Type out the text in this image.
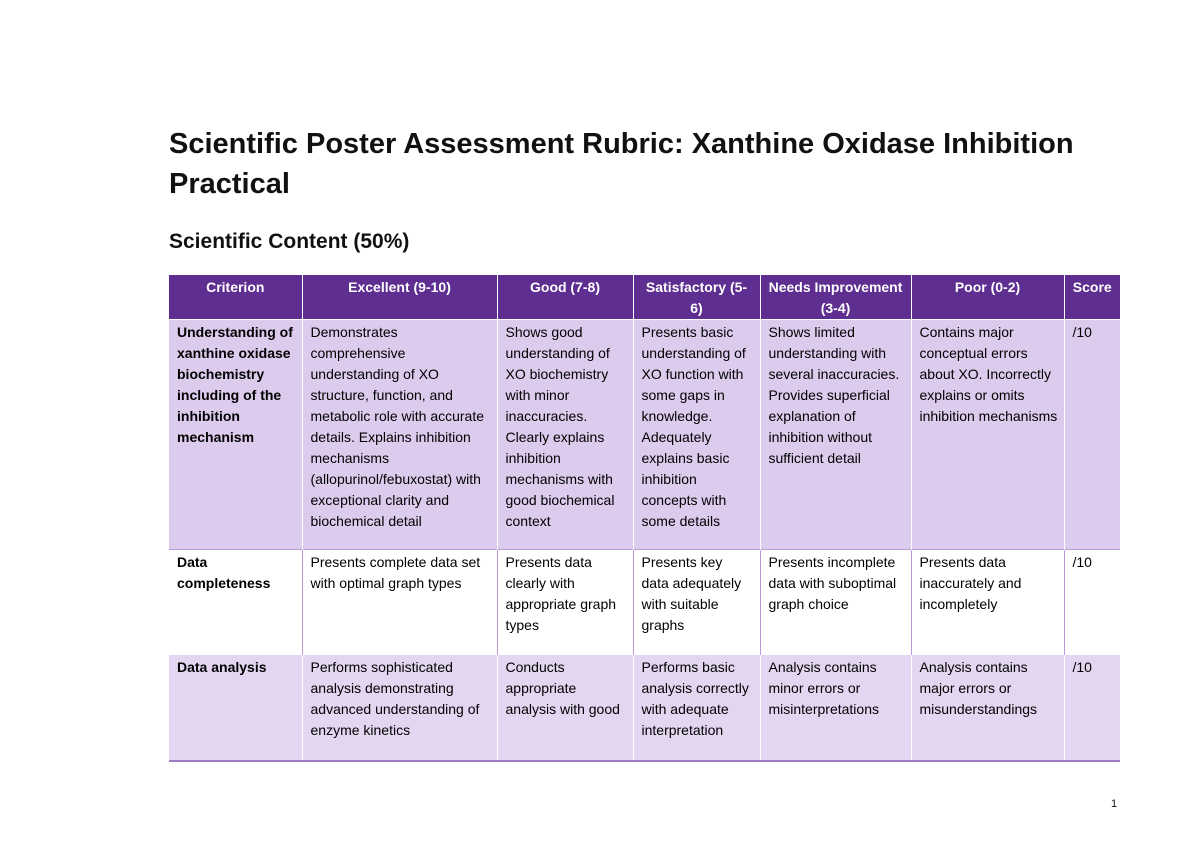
Scientific Poster Assessment Rubric: Xanthine Oxidase Inhibition Practical
Scientific Content (50%)
Criterion	Excellent (9-10)	Good (7-8)	Satisfactory (5-6)	Needs Improvement (3-4)	Poor (0-2)	Score
Understanding of xanthine oxidase biochemistry including of the inhibition mechanism	Demonstrates comprehensive understanding of XO structure, function, and metabolic role with accurate details. Explains inhibition mechanisms (allopurinol/febuxostat) with exceptional clarity and biochemical detail	Shows good understanding of XO biochemistry with minor inaccuracies. Clearly explains inhibition mechanisms with good biochemical context	Presents basic understanding of XO function with some gaps in knowledge. Adequately explains basic inhibition concepts with some details	Shows limited understanding with several inaccuracies. Provides superficial explanation of inhibition without sufficient detail	Contains major conceptual errors about XO. Incorrectly explains or omits inhibition mechanisms	/10
Data completeness	Presents complete data set with optimal graph types	Presents data clearly with appropriate graph types	Presents key data adequately with suitable graphs	Presents incomplete data with suboptimal graph choice	Presents data inaccurately and incompletely	/10
Data analysis	Performs sophisticated analysis demonstrating advanced understanding of enzyme kinetics	Conducts appropriate analysis with good	Performs basic analysis correctly with adequate interpretation	Analysis contains minor errors or misinterpretations	Analysis contains major errors or misunderstandings	/10
1
